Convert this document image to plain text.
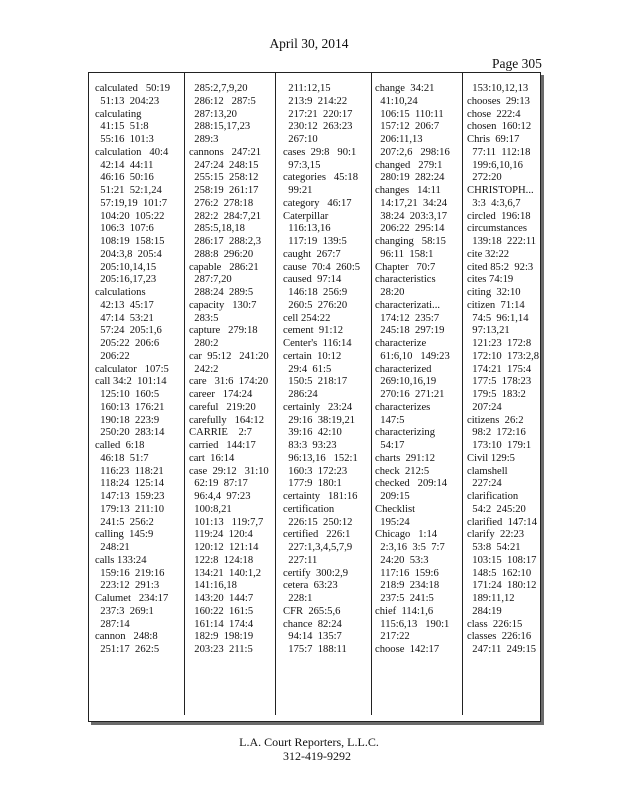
April 30, 2014
Page 305
calculated   50:19
51:13  204:23
calculating
41:15  51:8
55:16  101:3
calculation   40:4
42:14  44:11
46:16  50:16
51:21  52:1,24
57:19,19  101:7
104:20  105:22
106:3  107:6
108:19  158:15
204:3,8  205:4
205:10,14,15
205:16,17,23
calculations
42:13  45:17
47:14  53:21
57:24  205:1,6
205:22  206:6
206:22
calculator   107:5
call 34:2  101:14
125:10  160:5
160:13  176:21
190:18  223:9
250:20  283:14
called  6:18
46:18  51:7
116:23  118:21
118:24  125:14
147:13  159:23
179:13  211:10
241:5  256:2
calling  145:9
248:21
calls 133:24
159:16  219:16
223:12  291:3
Calumet   234:17
237:3  269:1
287:14
cannon   248:8
251:17  262:5
285:2,7,9,20
286:12   287:5
287:13,20
288:15,17,23
289:3
cannons   247:21
247:24  248:15
255:15  258:12
258:19  261:17
276:2  278:18
282:2  284:7,21
285:5,18,18
286:17  288:2,3
288:8  296:20
capable   286:21
287:7,20
288:24  289:5
capacity   130:7
283:5
capture   279:18
280:2
car  95:12   241:20
242:2
care   31:6  174:20
career   174:24
careful   219:20
carefully   164:12
CARRIE    2:7
carried   144:17
cart  16:14
case  29:12   31:10
62:19  87:17
96:4,4  97:23
100:8,21
101:13   119:7,7
119:24  120:4
120:12  121:14
122:8  124:18
134:21  140:1,2
141:16,18
143:20  144:7
160:22  161:5
161:14  174:4
182:9  198:19
203:23  211:5
211:12,15
213:9  214:22
217:21  220:17
230:12  263:23
267:10
cases  29:8   90:1
97:3,15
categories   45:18
99:21
category   46:17
Caterpillar
116:13,16
117:19  139:5
caught  267:7
cause  70:4  260:5
caused  97:14
146:18  256:9
260:5  276:20
cell 254:22
cement  91:12
Center's  116:14
certain  10:12
29:4  61:5
150:5  218:17
286:24
certainly   23:24
29:16  38:19,21
39:16  42:10
83:3  93:23
96:13,16   152:1
160:3  172:23
177:9  180:1
certainty   181:16
certification
226:15  250:12
certified   226:1
227:1,3,4,5,7,9
227:11
certify  300:2,9
cetera  63:23
228:1
CFR  265:5,6
chance  82:24
94:14  135:7
175:7  188:11
change  34:21
41:10,24
106:15  110:11
157:12  206:7
206:11,13
207:2,6   298:16
changed   279:1
280:19  282:24
changes   14:11
14:17,21  34:24
38:24  203:3,17
206:22  295:14
changing   58:15
96:11  158:1
Chapter   70:7
characteristics
28:20
characterizati...
174:12  235:7
245:18  297:19
characterize
61:6,10   149:23
characterized
269:10,16,19
270:16  271:21
characterizes
147:5
characterizing
54:17
charts  291:12
check  212:5
checked   209:14
209:15
Checklist
195:24
Chicago   1:14
2:3,16  3:5  7:7
24:20  53:3
117:16  159:6
218:9  234:18
237:5  241:5
chief  114:1,6
115:6,13   190:1
217:22
choose  142:17
153:10,12,13
chooses  29:13
chose  222:4
chosen  160:12
Chris  69:17
77:11  112:18
199:6,10,16
272:20
CHRISTOPH...
3:3  4:3,6,7
circled  196:18
circumstances
139:18  222:11
cite 32:22
cited 85:2  92:3
cites 74:19
citing  32:10
citizen  71:14
74:5  96:1,14
97:13,21
121:23  172:8
172:10  173:2,8
174:21  175:4
177:5  178:23
179:5  183:2
207:24
citizens  26:2
98:2  172:16
173:10  179:1
Civil 129:5
clamshell
227:24
clarification
54:2  245:20
clarified  147:14
clarify  22:23
53:8  54:21
103:15  108:17
148:5  162:10
171:24  180:12
189:11,12
284:19
class  226:15
classes  226:16
247:11  249:15
L.A. Court Reporters, L.L.C.
312-419-9292
